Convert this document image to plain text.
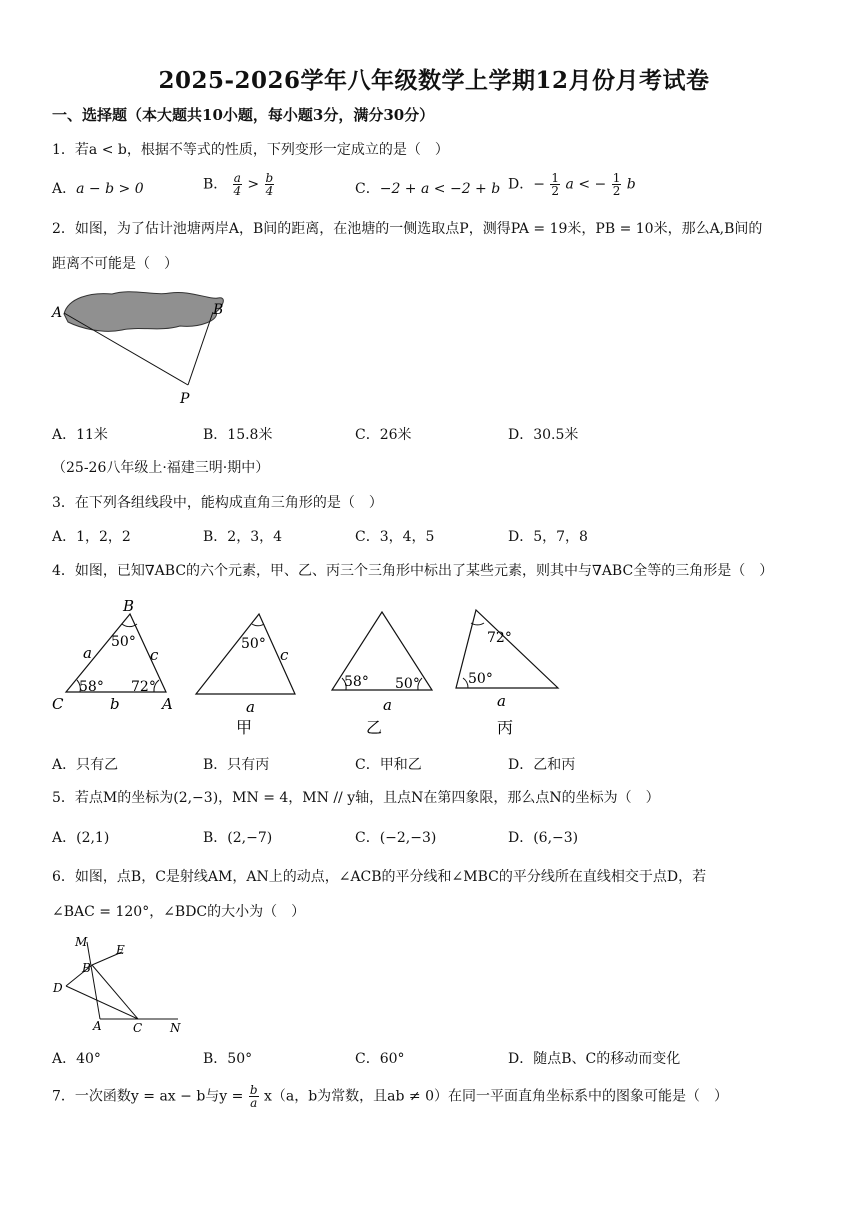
2025-2026学年八年级数学上学期12月份月考试卷
一、选择题（本大题共10小题，每小题3分，满分30分）
1．若a < b，根据不等式的性质，下列变形一定成立的是（　）
A．a − b > 0	B． $\frac{a}{4} > \frac{b}{4}$	C．−2 + a < −2 + b D．− $\frac{1}{2}$ a < − $\frac{1}{2}$ b
2．如图，为了估计池塘两岸A，B间的距离，在池塘的一侧选取点P，测得PA = 19米，PB = 10米，那么A,B间的
距离不可能是（　）
A	B
P
A．11米	B．15.8米	C．26米	D．30.5米
（25-26八年级上·福建三明·期中）
3．在下列各组线段中，能构成直角三角形的是（　）
A．1，2，2	B．2，3，4	C．3，4，5	D．5，7，8
4．如图，已知∇ABC的六个元素，甲、乙、丙三个三角形中标出了某些元素，则其中与∇ABC全等的三角形是（　）
B
C	A
a	c
b
50°
58° 72°
50°
c
a
甲
58° 50°
a
乙
72°
50°
a
丙
A．只有乙	B．只有丙	C．甲和乙	D．乙和丙
5．若点M的坐标为(2,−3)，MN = 4，MN // y轴，且点N在第四象限，那么点N的坐标为（　）
A．(2,1)	B．(2,−7)	C．(−2,−3)	D．(6,−3)
6．如图，点B，C是射线AM，AN上的动点，∠ACB的平分线和∠MBC的平分线所在直线相交于点D，若
∠BAC = 120°，∠BDC的大小为（　）
M
E
B
D
A	C N
A．40°	B．50°	C．60°	D．随点B、C的移动而变化
7．一次函数y = ax − b与$y = \frac{b}{a} x(a$，b为常数，且ab ≠ 0）在同一平面直角坐标系中的图象可能是（　）
